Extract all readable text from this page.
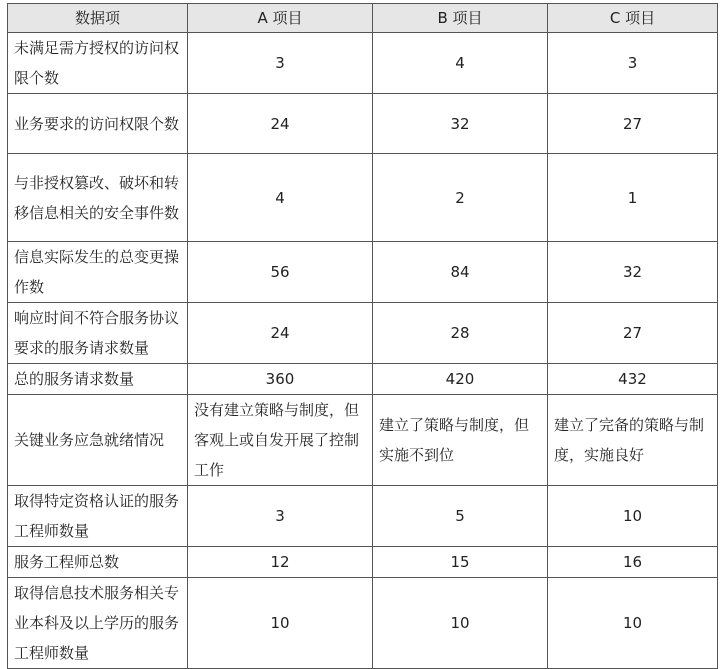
数据项	A 项目	B 项目	C 项目
未满足需方授权的访问权限个数	3	4	3
业务要求的访问权限个数	24	32	27
与非授权篡改、破坏和转移信息相关的安全事件数	4	2	1
信息实际发生的总变更操作数	56	84	32
响应时间不符合服务协议要求的服务请求数量	24	28	27
总的服务请求数量	360	420	432
关键业务应急就绪情况	没有建立策略与制度，但客观上或自发开展了控制工作	建立了策略与制度，但实施不到位	建立了完备的策略与制度，实施良好
取得特定资格认证的服务工程师数量	3	5	10
服务工程师总数	12	15	16
取得信息技术服务相关专业本科及以上学历的服务工程师数量	10	10	10
